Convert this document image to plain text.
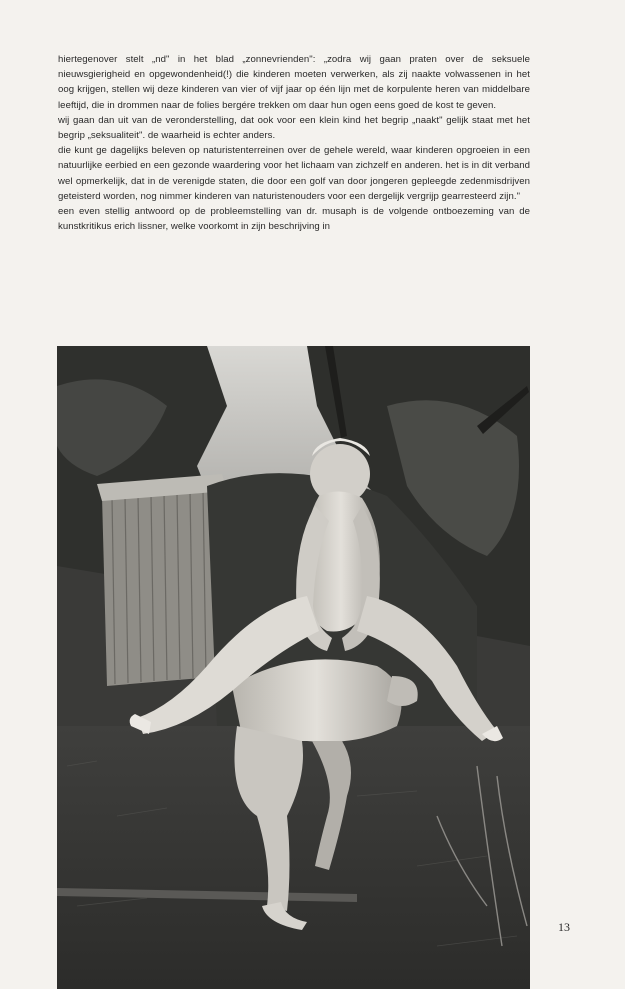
hiertegenover stelt „nd" in het blad „zonnevrienden": „zodra wij gaan praten over de seksuele nieuwsgierigheid en opgewondenheid(!) die kinderen moeten verwerken, als zij naakte volwassenen in het oog krijgen, stellen wij deze kinderen van vier of vijf jaar op één lijn met de korpulente heren van middelbare leeftijd, die in drommen naar de folies bergére trekken om daar hun ogen eens goed de kost te geven.

wij gaan dan uit van de veronderstelling, dat ook voor een klein kind het begrip „naakt" gelijk staat met het begrip „seksualiteit". de waarheid is echter anders.

die kunt ge dagelijks beleven op naturistenterreinen over de gehele wereld, waar kinderen opgroeien in een natuurlijke eerbied en een gezonde waardering voor het lichaam van zichzelf en anderen. het is in dit verband wel opmerkelijk, dat in de verenigde staten, die door een golf van door jongeren gepleegde zedenmisdrijven geteisterd worden, nog nimmer kinderen van naturistenouders voor een dergelijk vergrijp gearresteerd zijn."

een even stellig antwoord op de probleemstelling van dr. musaph is de volgende ontboezeming van de kunstkritikus erich lissner, welke voorkomt in zijn beschrijving in

13
